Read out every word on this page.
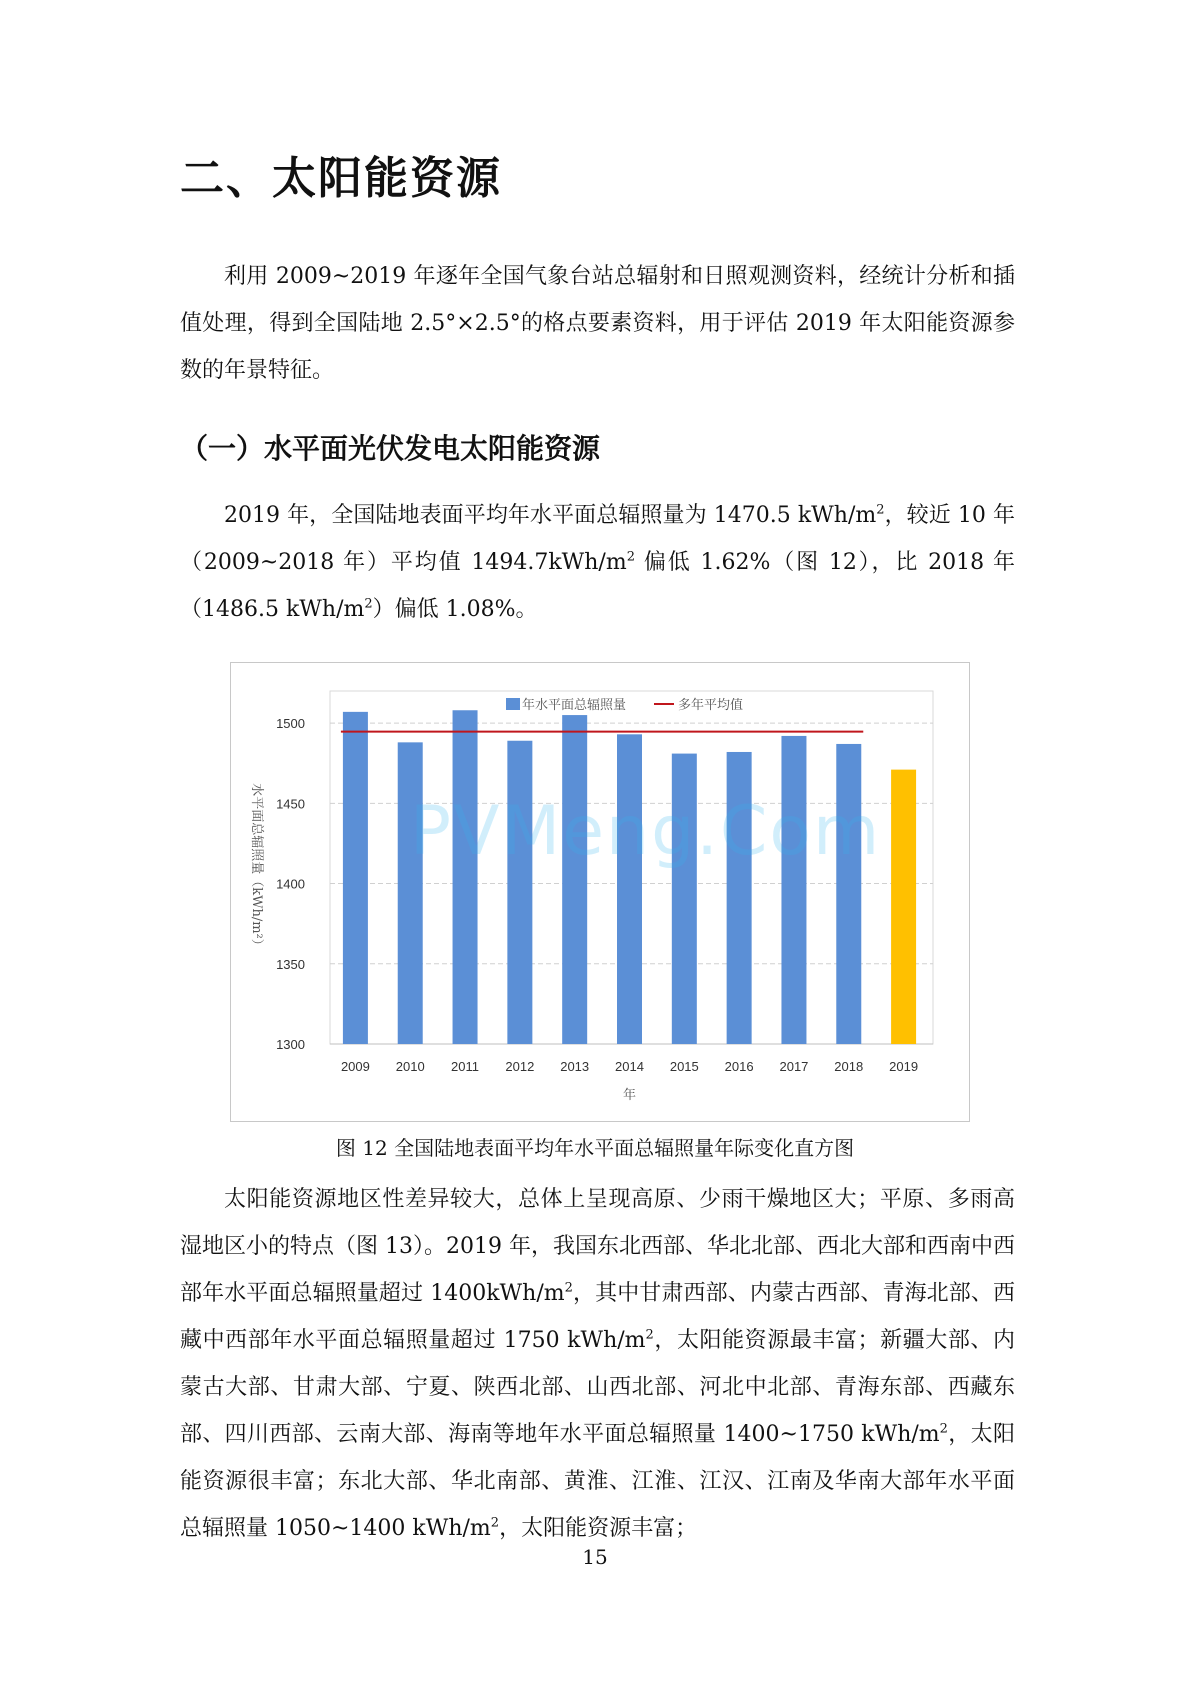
二、太阳能资源

利用 2009~2019 年逐年全国气象台站总辐射和日照观测资料，经统计分析和插值处理，得到全国陆地 2.5°×2.5°的格点要素资料，用于评估 2019 年太阳能资源参数的年景特征。

（一）水平面光伏发电太阳能资源

2019 年，全国陆地表面平均年水平面总辐照量为 1470.5 kWh/$m^2$，较近 10 年（2009~2018 年）平均值 $1494.7kWh/m^2$ 偏低 1.62%（图 12），比 2018 年（1486.5 kWh/$m^2$）偏低 1.08%。

1300
1350
1400
1450
1500
2009 2010 2011 2012 2013 2014 2015 2016 2017 2018 2019
年水平面总辐照量	多年平均值
水平面总辐照量（kWh/m²）
年
PVMeng.Com

图 12 全国陆地表面平均年水平面总辐照量年际变化直方图

太阳能资源地区性差异较大，总体上呈现高原、少雨干燥地区大；平原、多雨高湿地区小的特点（图 13）。2019 年，我国东北西部、华北北部、西北大部和西南中西部年水平面总辐照量超过 $1400kWh/m^2$，其中甘肃西部、内蒙古西部、青海北部、西藏中西部年水平面总辐照量超过 1750 kWh/$m^2$，太阳能资源最丰富；新疆大部、内蒙古大部、甘肃大部、宁夏、陕西北部、山西北部、河北中北部、青海东部、西藏东部、四川西部、云南大部、海南等地年水平面总辐照量 1400~1750 kWh/$m^2$，太阳能资源很丰富；东北大部、华北南部、黄淮、江淮、江汉、江南及华南大部年水平面总辐照量 1050~1400 kWh/$m^2$，太阳能资源丰富；

15
